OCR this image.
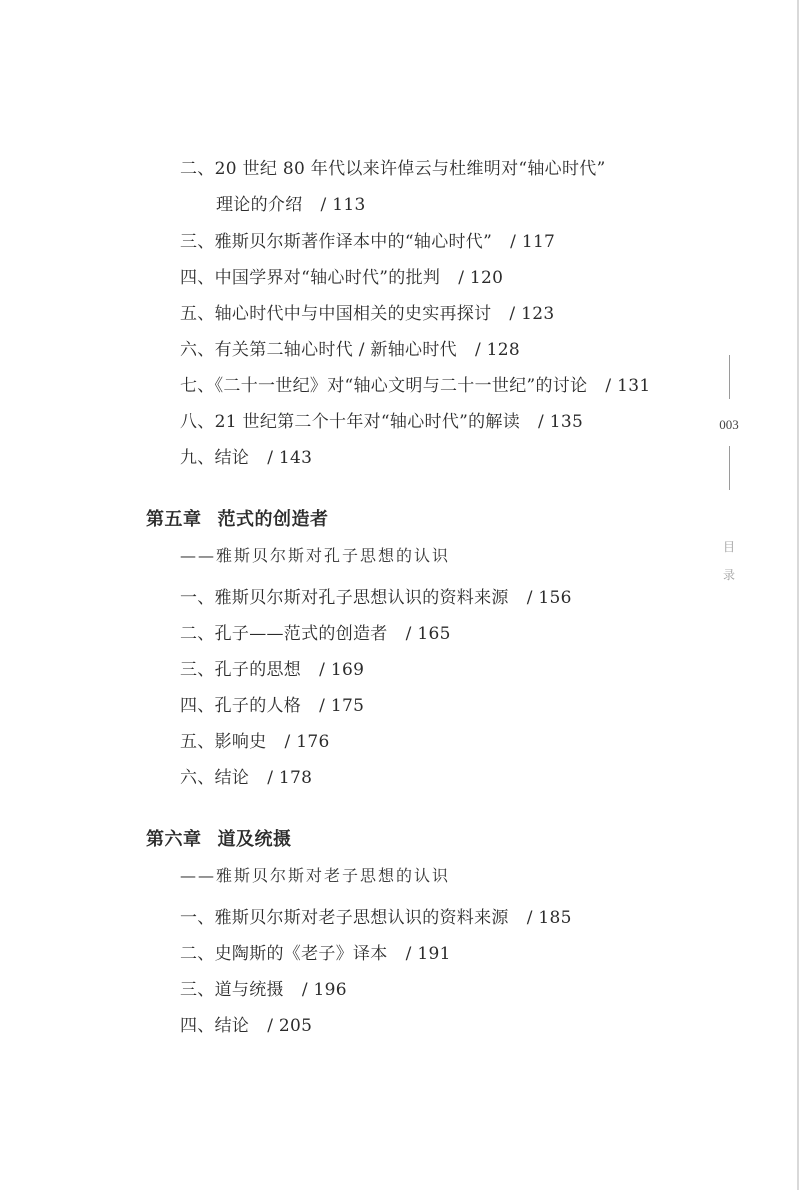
二、20 世纪 80 年代以来许倬云与杜维明对“轴心时代”
理论的介绍 / 113
三、雅斯贝尔斯著作译本中的“轴心时代” / 117
四、中国学界对“轴心时代”的批判 / 120
五、轴心时代中与中国相关的史实再探讨 / 123
六、有关第二轴心时代 / 新轴心时代 / 128
七、《二十一世纪》对“轴心文明与二十一世纪”的讨论 / 131
八、21 世纪第二个十年对“轴心时代”的解读 / 135
九、结论 / 143
第五章 范式的创造者
——雅斯贝尔斯对孔子思想的认识
一、雅斯贝尔斯对孔子思想认识的资料来源 / 156
二、孔子——范式的创造者 / 165
三、孔子的思想 / 169
四、孔子的人格 / 175
五、影响史 / 176
六、结论 / 178
第六章 道及统摄
——雅斯贝尔斯对老子思想的认识
一、雅斯贝尔斯对老子思想认识的资料来源 / 185
二、史陶斯的《老子》译本 / 191
三、道与统摄 / 196
四、结论 / 205
003
目
录
